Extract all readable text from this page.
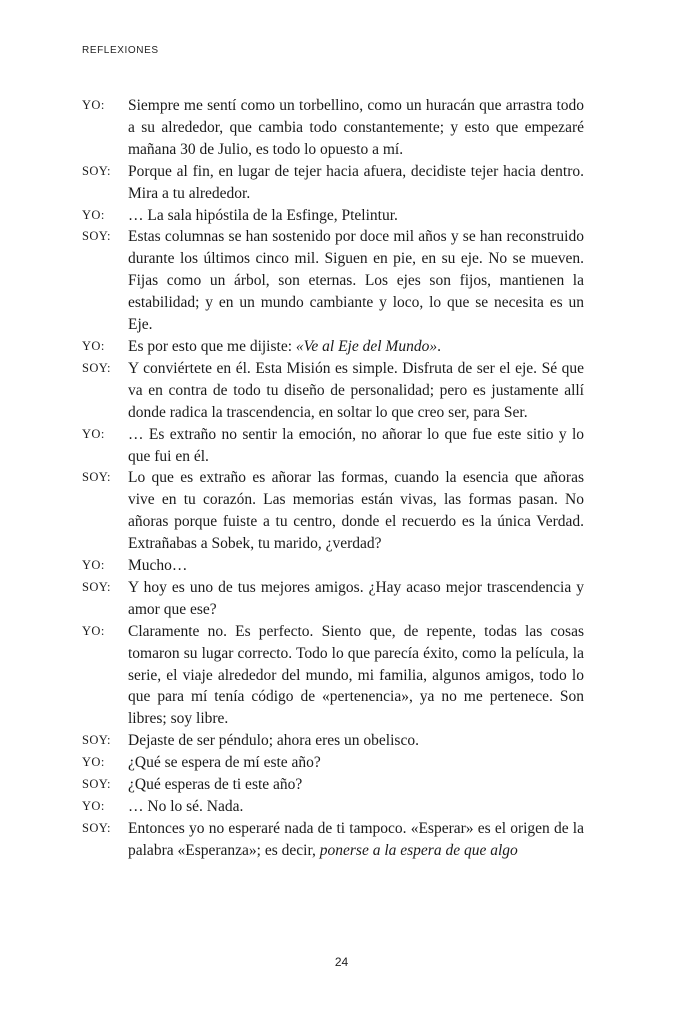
REFLEXIONES
YO:	Siempre me sentí como un torbellino, como un huracán que arrastra todo a su alrededor, que cambia todo constantemente; y esto que empezaré mañana 30 de Julio, es todo lo opuesto a mí.
SOY:	Porque al fin, en lugar de tejer hacia afuera, decidiste tejer hacia dentro. Mira a tu alrededor.
YO:	… La sala hipóstila de la Esfinge, Ptelintur.
SOY:	Estas columnas se han sostenido por doce mil años y se han reconstruido durante los últimos cinco mil. Siguen en pie, en su eje. No se mueven. Fijas como un árbol, son eternas. Los ejes son fijos, mantienen la estabilidad; y en un mundo cambiante y loco, lo que se necesita es un Eje.
YO:	Es por esto que me dijiste: «Ve al Eje del Mundo».
SOY:	Y conviértete en él. Esta Misión es simple. Disfruta de ser el eje. Sé que va en contra de todo tu diseño de personalidad; pero es justamente allí donde radica la trascendencia, en soltar lo que creo ser, para Ser.
YO:	… Es extraño no sentir la emoción, no añorar lo que fue este sitio y lo que fui en él.
SOY:	Lo que es extraño es añorar las formas, cuando la esencia que añoras vive en tu corazón. Las memorias están vivas, las formas pasan. No añoras porque fuiste a tu centro, donde el recuerdo es la única Verdad. Extrañabas a Sobek, tu marido, ¿verdad?
YO:	Mucho…
SOY:	Y hoy es uno de tus mejores amigos. ¿Hay acaso mejor trascendencia y amor que ese?
YO:	Claramente no. Es perfecto. Siento que, de repente, todas las cosas tomaron su lugar correcto. Todo lo que parecía éxito, como la película, la serie, el viaje alrededor del mundo, mi familia, algunos amigos, todo lo que para mí tenía código de «pertenencia», ya no me pertenece. Son libres; soy libre.
SOY:	Dejaste de ser péndulo; ahora eres un obelisco.
YO:	¿Qué se espera de mí este año?
SOY:	¿Qué esperas de ti este año?
YO:	… No lo sé. Nada.
SOY:	Entonces yo no esperaré nada de ti tampoco. «Esperar» es el origen de la palabra «Esperanza»; es decir, ponerse a la espera de que algo
24
